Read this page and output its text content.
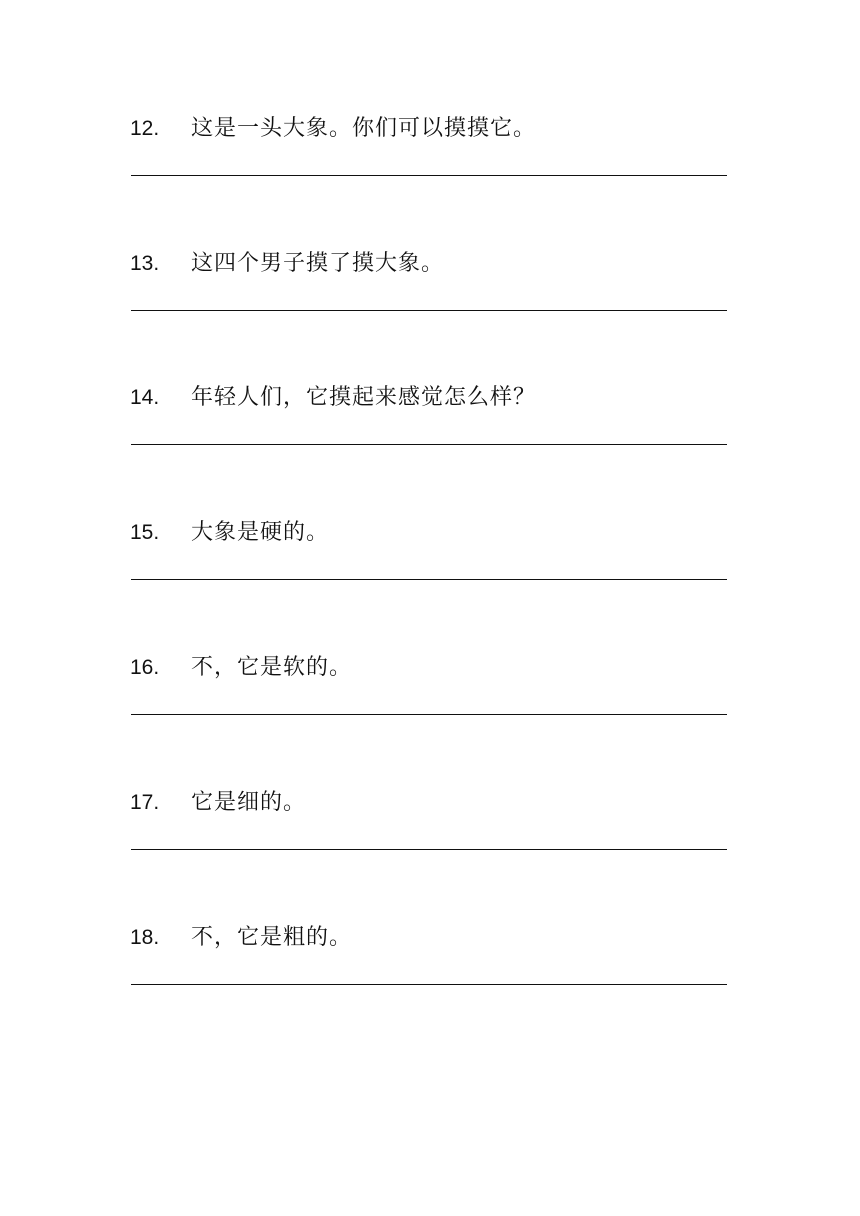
12. 这是一头大象。你们可以摸摸它。
13. 这四个男子摸了摸大象。
14. 年轻人们，它摸起来感觉怎么样？
15. 大象是硬的。
16. 不，它是软的。
17. 它是细的。
18. 不，它是粗的。
